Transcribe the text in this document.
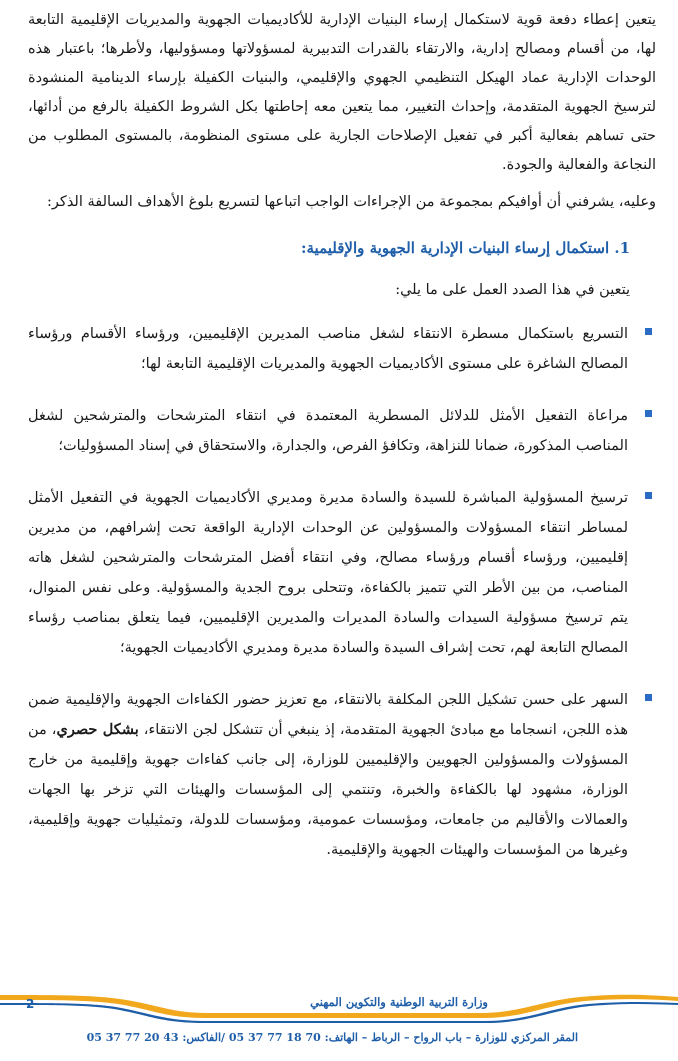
يتعين إعطاء دفعة قوية لاستكمال إرساء البنيات الإدارية للأكاديميات الجهوية والمديريات الإقليمية التابعة لها، من أقسام ومصالح إدارية، والارتقاء بالقدرات التدبيرية لمسؤولاتها ومسؤوليها، ولأطرها؛ باعتبار هذه الوحدات الإدارية عماد الهيكل التنظيمي الجهوي والإقليمي، والبنيات الكفيلة بإرساء الدينامية المنشودة لترسيخ الجهوية المتقدمة، وإحداث التغيير، مما يتعين معه إحاطتها بكل الشروط الكفيلة بالرفع من أدائها، حتى تساهم بفعالية أكبر في تفعيل الإصلاحات الجارية على مستوى المنظومة، بالمستوى المطلوب من النجاعة والفعالية والجودة.

وعليه، يشرفني أن أوافيكم بمجموعة من الإجراءات الواجب اتباعها لتسريع بلوغ الأهداف السالفة الذكر:

1. استكمال إرساء البنيات الإدارية الجهوية والإقليمية:
يتعين في هذا الصدد العمل على ما يلي:
التسريع باستكمال مسطرة الانتقاء لشغل مناصب المديرين الإقليميين، ورؤساء الأقسام ورؤساء المصالح الشاغرة على مستوى الأكاديميات الجهوية والمديريات الإقليمية التابعة لها؛
مراعاة التفعيل الأمثل للدلائل المسطرية المعتمدة في انتقاء المترشحات والمترشحين لشغل المناصب المذكورة، ضمانا للنزاهة، وتكافؤ الفرص، والجدارة، والاستحقاق في إسناد المسؤوليات؛
ترسيخ المسؤولية المباشرة للسيدة والسادة مديرة ومديري الأكاديميات الجهوية في التفعيل الأمثل لمساطر انتقاء المسؤولات والمسؤولين عن الوحدات الإدارية الواقعة تحت إشرافهم، من مديرين إقليميين، ورؤساء أقسام ورؤساء مصالح، وفي انتقاء أفضل المترشحات والمترشحين لشغل هاته المناصب، من بين الأطر التي تتميز بالكفاءة، وتتحلى بروح الجدية والمسؤولية. وعلى نفس المنوال، يتم ترسيخ مسؤولية السيدات والسادة المديرات والمديرين الإقليميين، فيما يتعلق بمناصب رؤساء المصالح التابعة لهم، تحت إشراف السيدة والسادة مديرة ومديري الأكاديميات الجهوية؛
السهر على حسن تشكيل اللجن المكلفة بالانتقاء، مع تعزيز حضور الكفاءات الجهوية والإقليمية ضمن هذه اللجن، انسجاما مع مبادئ الجهوية المتقدمة، إذ ينبغي أن تتشكل لجن الانتقاء، بشكل حصري، من المسؤولات والمسؤولين الجهويين والإقليميين للوزارة، إلى جانب كفاءات جهوية وإقليمية من خارج الوزارة، مشهود لها بالكفاءة والخبرة، وتنتمي إلى المؤسسات والهيئات التي تزخر بها الجهات والعمالات والأقاليم من جامعات، ومؤسسات عمومية، ومؤسسات للدولة، وتمثيليات جهوية وإقليمية، وغيرها من المؤسسات والهيئات الجهوية والإقليمية.
2	وزارة التربية الوطنية والتكوين المهني
المقر المركزي للوزارة – باب الرواح – الرباط – الهاتف: 70 18 77 37 05 /الفاكس: 43 20 77 37 05
